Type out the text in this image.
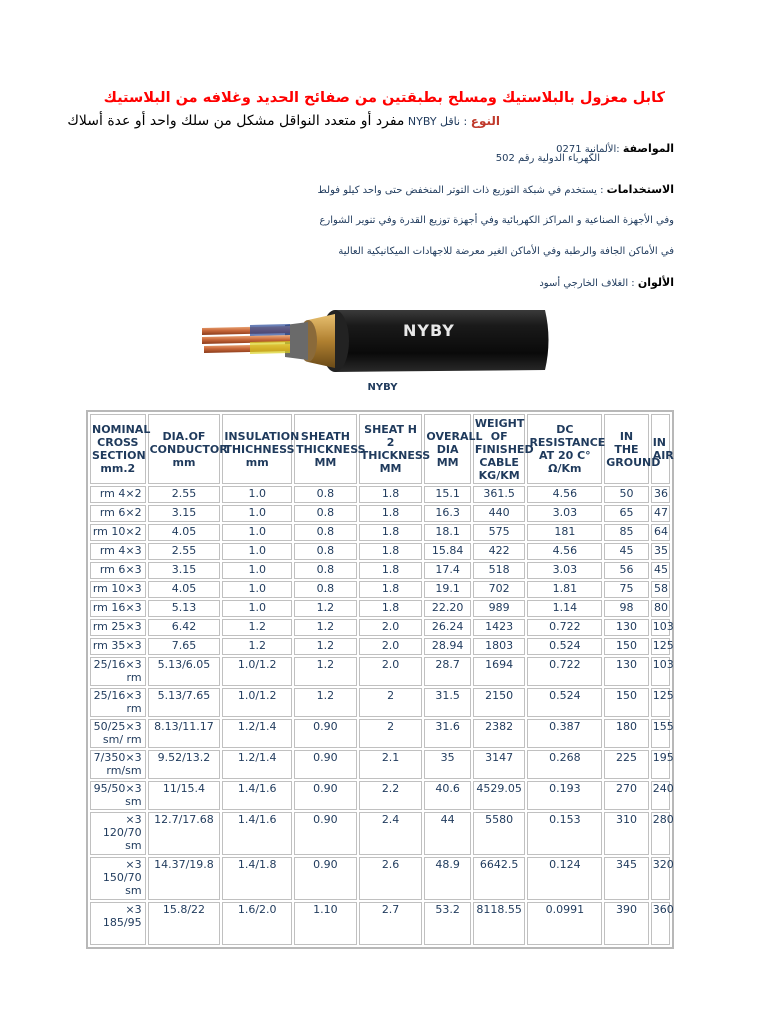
كابل معزول بالبلاستيك ومسلح بطبقتين من صفائح الحديد وغلافه من البلاستيك
النوع : ناقل NYBY مفرد أو متعدد النواقل مشكل من سلك واحد أو عدة أسلاك
المواصفة :الألمانية 0271
الكهرباء الدولية رقم 502
الاستخدامات : يستخدم في شبكة التوزيع ذات التوتر المنخفض حتى واحد كيلو فولط
وفي الأجهزة الصناعية و المراكز الكهربائية وفي أجهزة توزيع القدرة وفي تنوير الشوارع
في الأماكن الجافة والرطبة وفي الأماكن الغير معرضة للاجهادات الميكانيكية العالية
الألوان : الغلاف الخارجي أسود
NYBY
NYBY
NOMINAL CROSS SECTION mm.2	DIA.OF CONDUCTOR mm	INSULATION THICHNESS mm	SHEATH THICKNESS MM	SHEAT H 2 THICKNESS MM	OVERALL DIA MM	WEIGHT OF FINISHED CABLE KG/KM	DC RESISTANCE AT 20 C° Ω/Km	IN THE GROUND	IN AIR
rm 4×2	2.55	1.0	0.8	1.8	15.1	361.5	4.56	50	36
rm 6×2	3.15	1.0	0.8	1.8	16.3	440	3.03	65	47
rm 10×2	4.05	1.0	0.8	1.8	18.1	575	181	85	64
rm 4×3	2.55	1.0	0.8	1.8	15.84	422	4.56	45	35
rm 6×3	3.15	1.0	0.8	1.8	17.4	518	3.03	56	45
rm 10×3	4.05	1.0	0.8	1.8	19.1	702	1.81	75	58
rm 16×3	5.13	1.0	1.2	1.8	22.20	989	1.14	98	80
rm 25×3	6.42	1.2	1.2	2.0	26.24	1423	0.722	130	103
rm 35×3	7.65	1.2	1.2	2.0	28.94	1803	0.524	150	125
25/16×3 rm	5.13/6.05	1.0/1.2	1.2	2.0	28.7	1694	0.722	130	103
25/16×3 rm	5.13/7.65	1.0/1.2	1.2	2	31.5	2150	0.524	150	125
50/25×3 sm/ rm	8.13/11.17	1.2/1.4	0.90	2	31.6	2382	0.387	180	155
7/350×3 rm/sm	9.52/13.2	1.2/1.4	0.90	2.1	35	3147	0.268	225	195
95/50×3 sm	11/15.4	1.4/1.6	0.90	2.2	40.6	4529.05	0.193	270	240
×3 120/70 sm	12.7/17.68	1.4/1.6	0.90	2.4	44	5580	0.153	310	280
×3 150/70 sm	14.37/19.8	1.4/1.8	0.90	2.6	48.9	6642.5	0.124	345	320
×3 185/95	15.8/22	1.6/2.0	1.10	2.7	53.2	8118.55	0.0991	390	360
